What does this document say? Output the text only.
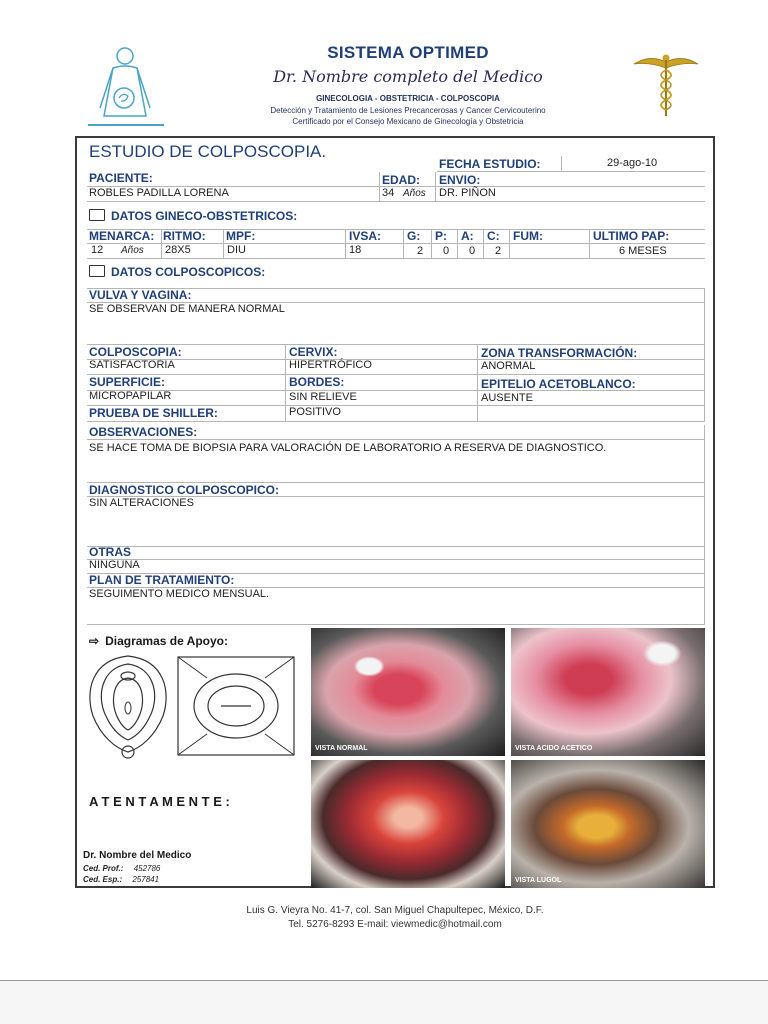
SISTEMA OPTIMED
Dr. Nombre completo del Medico
GINECOLOGIA - OBSTETRICIA - COLPOSCOPIA
Detección y Tratamiento de Lesiones Precancerosas y Cancer Cervicouterino
Certificado por el Consejo Mexicano de Ginecología y Obstetricia
ESTUDIO DE COLPOSCOPIA.
FECHA ESTUDIO:	29-ago-10
PACIENTE:	EDAD: ENVIO:
ROBLES PADILLA LORENA	34 Años DR. PIÑON
DATOS GINECO-OBSTETRICOS:
MENARCA: RITMO: MPF:	IVSA: G: P: A: C: FUM:	ULTIMO PAP:
12 Años 28X5	DIU	18	2 0 0 2	6 MESES
DATOS COLPOSCOPICOS:
VULVA Y VAGINA:
SE OBSERVAN DE MANERA NORMAL
COLPOSCOPIA:	CERVIX:	ZONA TRANSFORMACIÓN:
SATISFACTORIA	HIPERTRÓFICO	ANORMAL
SUPERFICIE:	BORDES:	EPITELIO ACETOBLANCO:
MICROPAPILAR	SIN RELIEVE	AUSENTE
PRUEBA DE SHILLER:	POSITIVO
OBSERVACIONES:
SE HACE TOMA DE BIOPSIA PARA VALORACIÓN DE LABORATORIO A RESERVA DE DIAGNOSTICO.
DIAGNOSTICO COLPOSCOPICO:
SIN ALTERACIONES
OTRAS
NINGUNA
PLAN DE TRATAMIENTO:
SEGUIMENTO MEDICO MENSUAL.
⇨ Diagramas de Apoyo:
A T E N T A M E N T E :
Dr. Nombre del Medico
Ced. Prof.: 452786
Ced. Esp.: 257841
VISTA NORMAL	VISTA ACIDO ACETICO
VISTA LUGOL
Luis G. Vieyra No. 41-7, col. San Miguel Chapultepec, México, D.F.
Tel. 5276-8293 E-mail: viewmedic@hotmail.com
